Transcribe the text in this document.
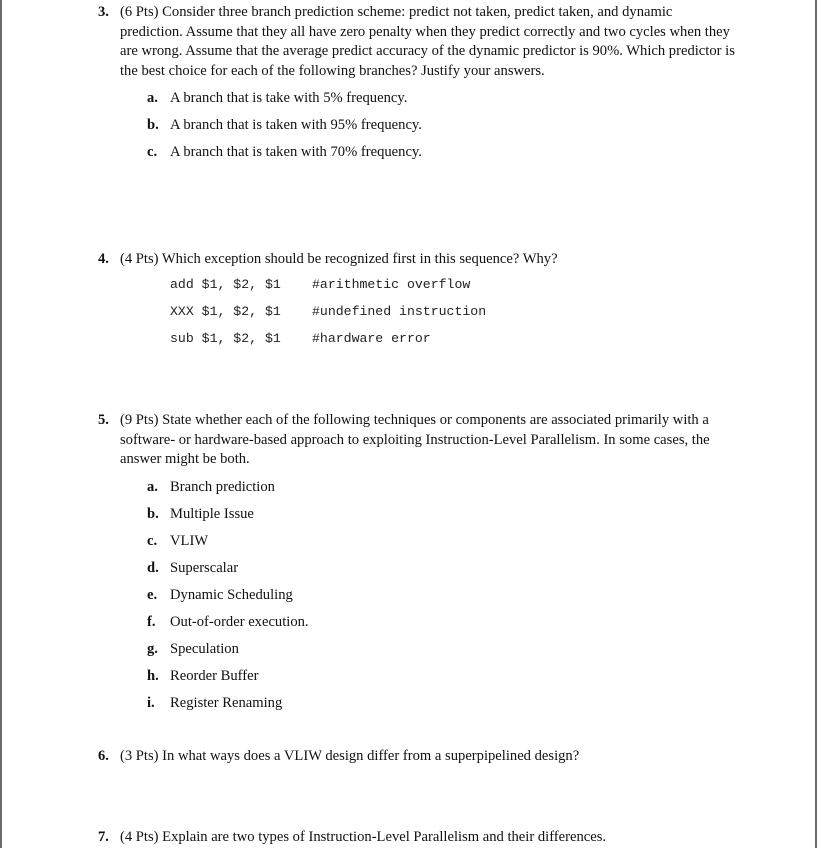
3. (6 Pts) Consider three branch prediction scheme: predict not taken, predict taken, and dynamic prediction. Assume that they all have zero penalty when they predict correctly and two cycles when they are wrong. Assume that the average predict accuracy of the dynamic predictor is 90%. Which predictor is the best choice for each of the following branches? Justify your answers.
a. A branch that is take with 5% frequency.
b. A branch that is taken with 95% frequency.
c. A branch that is taken with 70% frequency.
4. (4 Pts) Which exception should be recognized first in this sequence? Why?
add $1, $2, $1 #arithmetic overflow
XXX $1, $2, $1 #undefined instruction
sub $1, $2, $1 #hardware error
5. (9 Pts) State whether each of the following techniques or components are associated primarily with a software- or hardware-based approach to exploiting Instruction-Level Parallelism. In some cases, the answer might be both.
a. Branch prediction
b. Multiple Issue
c. VLIW
d. Superscalar
e. Dynamic Scheduling
f. Out-of-order execution.
g. Speculation
h. Reorder Buffer
i. Register Renaming
6. (3 Pts) In what ways does a VLIW design differ from a superpipelined design?
7. (4 Pts) Explain are two types of Instruction-Level Parallelism and their differences.
